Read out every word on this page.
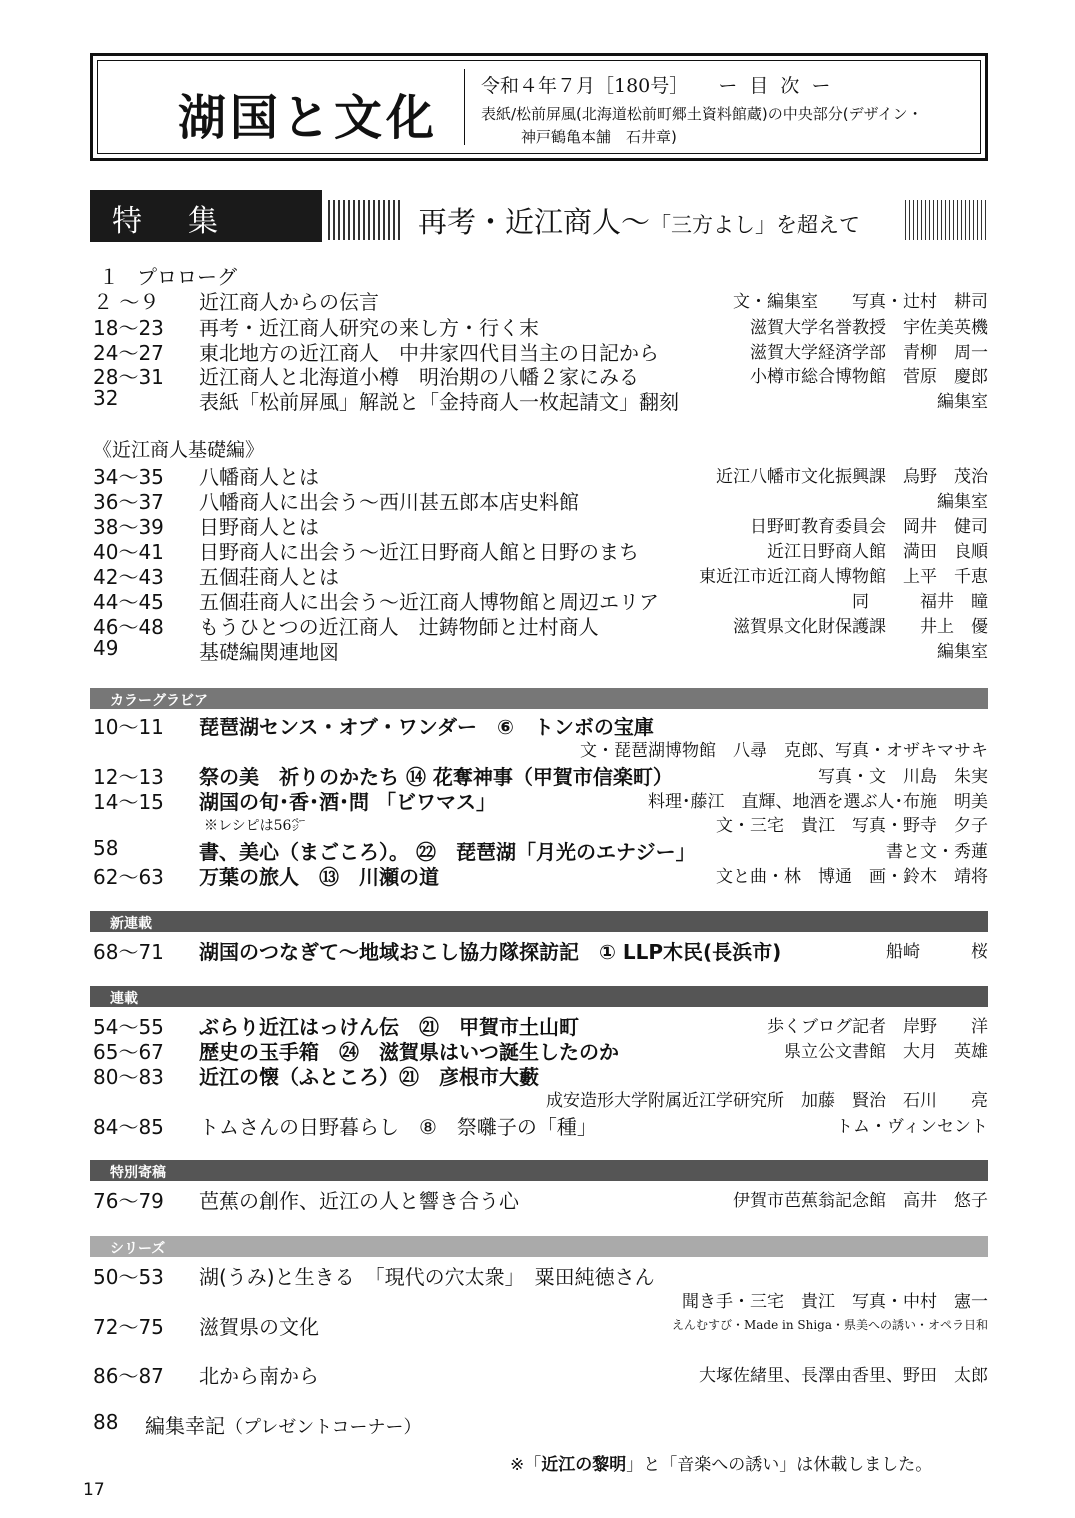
湖国と文化
令和４年７月［180号］ ー 目 次 ー
表紙/松前屏風(北海道松前町郷土資料館蔵)の中央部分(デザイン・
神戸鶴亀本舗　石井章)
特 集	再考・近江商人〜「三方よし」を超えて
１ プロローグ
２ ～９ 近江商人からの伝言	文・編集室　　写真・辻村　耕司
18～23 再考・近江商人研究の来し方・行く末	滋賀大学名誉教授　宇佐美英機
24～27 東北地方の近江商人　中井家四代目当主の日記から	滋賀大学経済学部　青柳　周一
28～31 近江商人と北海道小樽　明治期の八幡２家にみる	小樽市総合博物館　菅原　慶郎
32	表紙「松前屏風」解説と「金持商人一枚起請文」翻刻	編集室
《近江商人基礎編》
34～35 八幡商人とは	近江八幡市文化振興課　烏野　茂治
36～37 八幡商人に出会う～西川甚五郎本店史料館	編集室
38～39 日野商人とは	日野町教育委員会　岡井　健司
40～41 日野商人に出会う～近江日野商人館と日野のまち	近江日野商人館　満田　良順
42～43 五個荘商人とは	東近江市近江商人博物館　上平　千恵
44～45 五個荘商人に出会う～近江商人博物館と周辺エリア	同　　　福井　瞳
46～48 もうひとつの近江商人　辻鋳物師と辻村商人	滋賀県文化財保護課　　井上　優
49	基礎編関連地図	編集室
カラーグラビア
10～11 琵琶湖センス・オブ・ワンダー　⑥　トンボの宝庫
文・琵琶湖博物館　八尋　克郎、写真・オザキマサキ
12～13 祭の美　祈りのかたち ⑭ 花奪神事（甲賀市信楽町）	写真・文　川島　朱実
14～15 湖国の旬･香･酒･問 「ビワマス」	料理･藤江　直輝、地酒を選ぶ人･布施　明美
※レシピは56㌻	文・三宅　貴江　写真・野寺　夕子
58	書、美心（まごころ）。 ㉒　琵琶湖「月光のエナジー」	書と文・秀蓮
62～63 万葉の旅人　⑬　川瀬の道	文と曲・林　博通　画・鈴木　靖将
新連載
68～71 湖国のつなぎて～地域おこし協力隊探訪記　① LLP木民(長浜市)	船崎　　　桜
連載
54～55 ぶらり近江はっけん伝　㉑　甲賀市土山町	歩くブログ記者　岸野　　洋
65～67 歴史の玉手箱　㉔　滋賀県はいつ誕生したのか	県立公文書館　大月　英雄
80～83 近江の懐（ふところ）㉑　彦根市大藪
成安造形大学附属近江学研究所　加藤　賢治　石川　　亮
84～85 トムさんの日野暮らし　⑧　祭囃子の「種」	トム・ヴィンセント
特別寄稿
76～79 芭蕉の創作、近江の人と響き合う心	伊賀市芭蕉翁記念館　高井　悠子
シリーズ
50～53 湖(うみ)と生きる　「現代の穴太衆」　粟田純徳さん
聞き手・三宅　貴江　写真・中村　憲一
72～75 滋賀県の文化	えんむすび・Made in Shiga・県美への誘い・オペラ日和
86～87 北から南から	大塚佐緒里、長澤由香里、野田　太郎
88 編集幸記（プレゼントコーナー）
※「近江の黎明」と「音楽への誘い」は休載しました。
17
